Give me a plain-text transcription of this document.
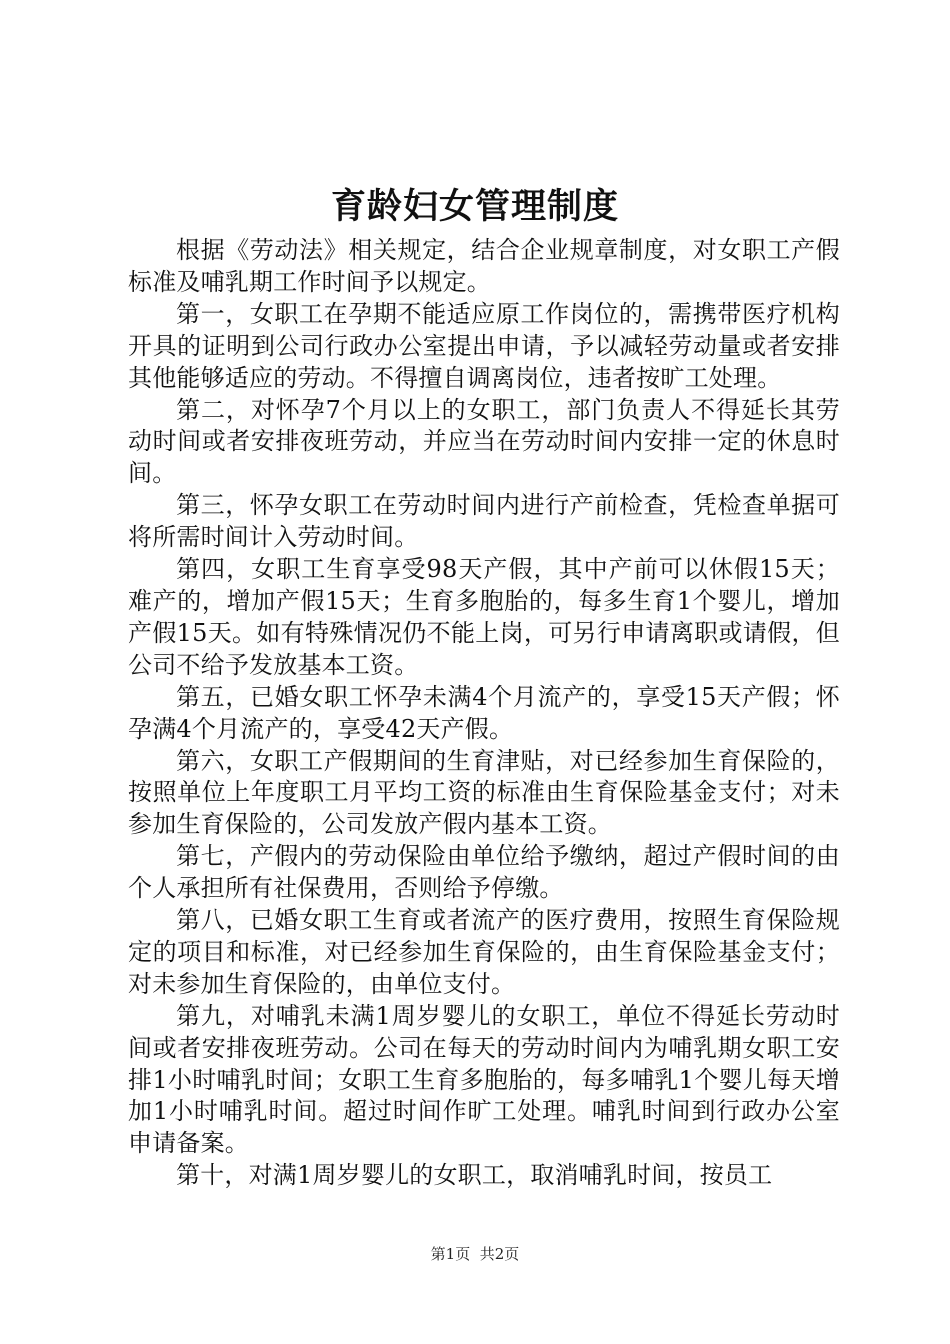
育龄妇女管理制度

根据《劳动法》相关规定，结合企业规章制度，对女职工产假标准及哺乳期工作时间予以规定。

第一，女职工在孕期不能适应原工作岗位的，需携带医疗机构开具的证明到公司行政办公室提出申请，予以减轻劳动量或者安排其他能够适应的劳动。不得擅自调离岗位，违者按旷工处理。

第二，对怀孕7个月以上的女职工，部门负责人不得延长其劳动时间或者安排夜班劳动，并应当在劳动时间内安排一定的休息时间。

第三，怀孕女职工在劳动时间内进行产前检查，凭检查单据可将所需时间计入劳动时间。

第四，女职工生育享受98天产假，其中产前可以休假15天；难产的，增加产假15天；生育多胞胎的，每多生育1个婴儿，增加产假15天。如有特殊情况仍不能上岗，可另行申请离职或请假，但公司不给予发放基本工资。

第五，已婚女职工怀孕未满4个月流产的，享受15天产假；怀孕满4个月流产的，享受42天产假。

第六，女职工产假期间的生育津贴，对已经参加生育保险的，按照单位上年度职工月平均工资的标准由生育保险基金支付；对未参加生育保险的，公司发放产假内基本工资。

第七，产假内的劳动保险由单位给予缴纳，超过产假时间的由个人承担所有社保费用，否则给予停缴。

第八，已婚女职工生育或者流产的医疗费用，按照生育保险规定的项目和标准，对已经参加生育保险的，由生育保险基金支付；对未参加生育保险的，由单位支付。

第九，对哺乳未满1周岁婴儿的女职工，单位不得延长劳动时间或者安排夜班劳动。公司在每天的劳动时间内为哺乳期女职工安排1小时哺乳时间；女职工生育多胞胎的，每多哺乳1个婴儿每天增加1小时哺乳时间。超过时间作旷工处理。哺乳时间到行政办公室申请备案。

第十，对满1周岁婴儿的女职工，取消哺乳时间，按员工

第1页 共2页
